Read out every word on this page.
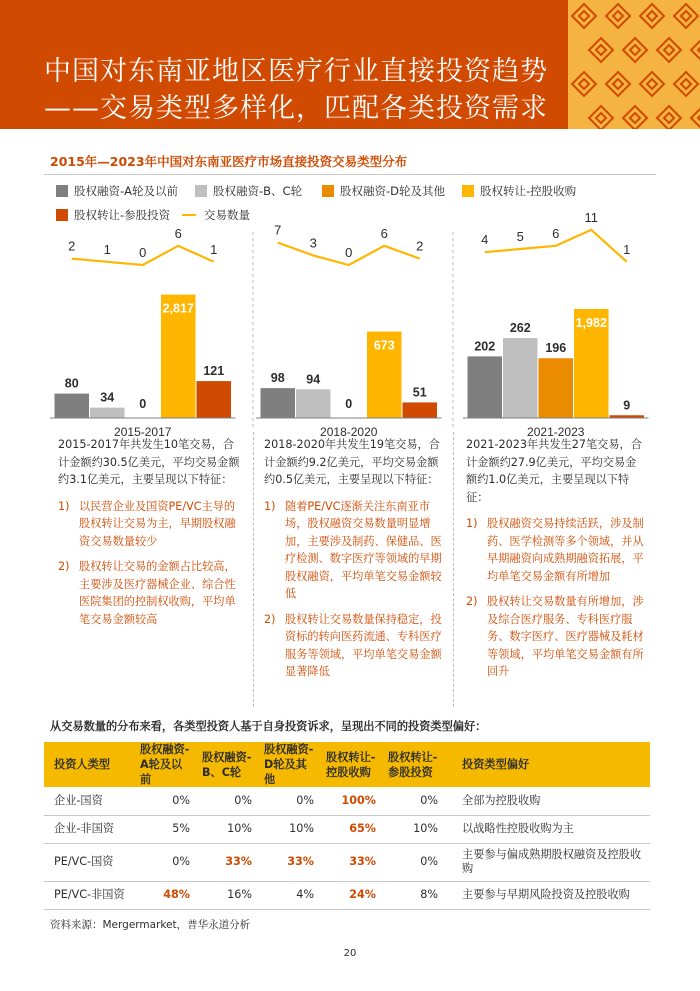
中国对东南亚地区医疗行业直接投资趋势
——交易类型多样化，匹配各类投资需求
2015年—2023年中国对东南亚医疗市场直接投资交易类型分布
股权融资-A轮及以前	股权融资-B、C轮	股权融资-D轮及其他	股权转让-控股收购
股权转让-参股投资	交易数量
80
34 0
2,817
121
2 1 0
6
1
2015-2017
98 94
0
673
51
7
3
0
6
2
2018-2020
202
262
196
1,982
9
4 5 6
11
1
2021-2023
2015-2017年共发生10笔交易，合计金额约30.5亿美元，平均交易金额约3.1亿美元，主要呈现以下特征：
1) 以民营企业及国资PE/VC主导的股权转让交易为主，早期股权融资交易数量较少
2) 股权转让交易的金额占比较高，主要涉及医疗器械企业、综合性医院集团的控制权收购，平均单笔交易金额较高
2018-2020年共发生19笔交易，合计金额约9.2亿美元，平均交易金额约0.5亿美元，主要呈现以下特征：
1) 随着PE/VC逐渐关注东南亚市场，股权融资交易数量明显增加，主要涉及制药、保健品、医疗检测、数字医疗等领域的早期股权融资，平均单笔交易金额较低
2) 股权转让交易数量保持稳定，投资标的转向医药流通、专科医疗服务等领域，平均单笔交易金额显著降低
2021-2023年共发生27笔交易，合计金额约27.9亿美元，平均交易金额约1.0亿美元，主要呈现以下特征：
1) 股权融资交易持续活跃，涉及制药、医学检测等多个领域，并从早期融资向成熟期融资拓展，平均单笔交易金额有所增加
2) 股权转让交易数量有所增加，涉及综合医疗服务、专科医疗服务、数字医疗、医疗器械及耗材等领域，平均单笔交易金额有所回升
从交易数量的分布来看，各类型投资人基于自身投资诉求，呈现出不同的投资类型偏好：
投资人类型	股权融资-A轮及以前	股权融资-B、C轮	股权融资-D轮及其他	股权转让-控股收购	股权转让-参股投资	投资类型偏好
企业-国资	0%	0%	0%	100%	0%	全部为控股收购
企业-非国资	5%	10%	10%	65%	10%	以战略性控股收购为主
PE/VC-国资	0%	33%	33%	33%	0%	主要参与偏成熟期股权融资及控股收购
PE/VC-非国资	48%	16%	4%	24%	8%	主要参与早期风险投资及控股收购
资料来源：Mergermarket，普华永道分析
20
